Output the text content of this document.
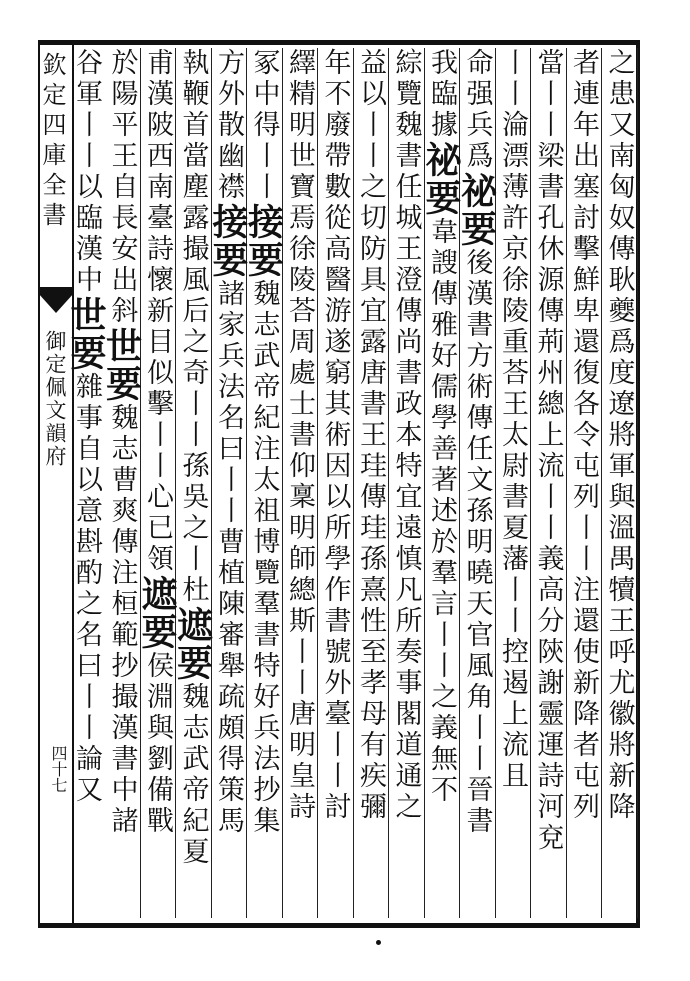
欽定四庫全書
御定佩文韻府
四十七	之患又南匈奴傳耿夔爲度遼將軍與溫禺犢王呼尤徽將新降
者連年出塞討擊鮮卑還復各令屯列丨丨注還使新降者屯列
當丨丨梁書孔休源傳荊州總上流丨丨義高分陝謝靈運詩河兗
丨丨淪漂薄許京徐陵重荅王太尉書夏藩丨丨控遏上流且
命强兵爲
祕要
後漢書方術傳任文孫明曉天官風角丨丨晉書
我臨據
祕要
韋謏傳雅好儒學善著述於羣言丨丨之義無不
綜覽魏書任城王澄傳尚書政本特宜遠慎凡所奏事閣道通之
益以丨丨之切防具宜露唐書王珪傳珪孫熹性至孝母有疾彌
年不廢帶數從高醫游遂窮其術因以所學作書號外臺丨丨討
繹精明世寶焉徐陵荅周處士書仰稟明師總斯丨丨唐明皇詩
冢中得丨丨
接要
魏志武帝紀注太祖博覽羣書特好兵法抄集
方外散幽襟
接要
諸家兵法名曰丨丨曹植陳審舉疏頗得策馬
執鞭首當塵露撮風后之奇丨丨孫吳之丨杜
遮要
魏志武帝紀夏
甫漢陂西南臺詩懷新目似擊丨丨心已領
遮要
侯淵與劉備戰
於陽平王自長安出斜
世要
魏志曹爽傳注桓範抄撮漢書中諸
谷軍丨丨以臨漢中
世要
雜事自以意斟酌之名曰丨丨論又
